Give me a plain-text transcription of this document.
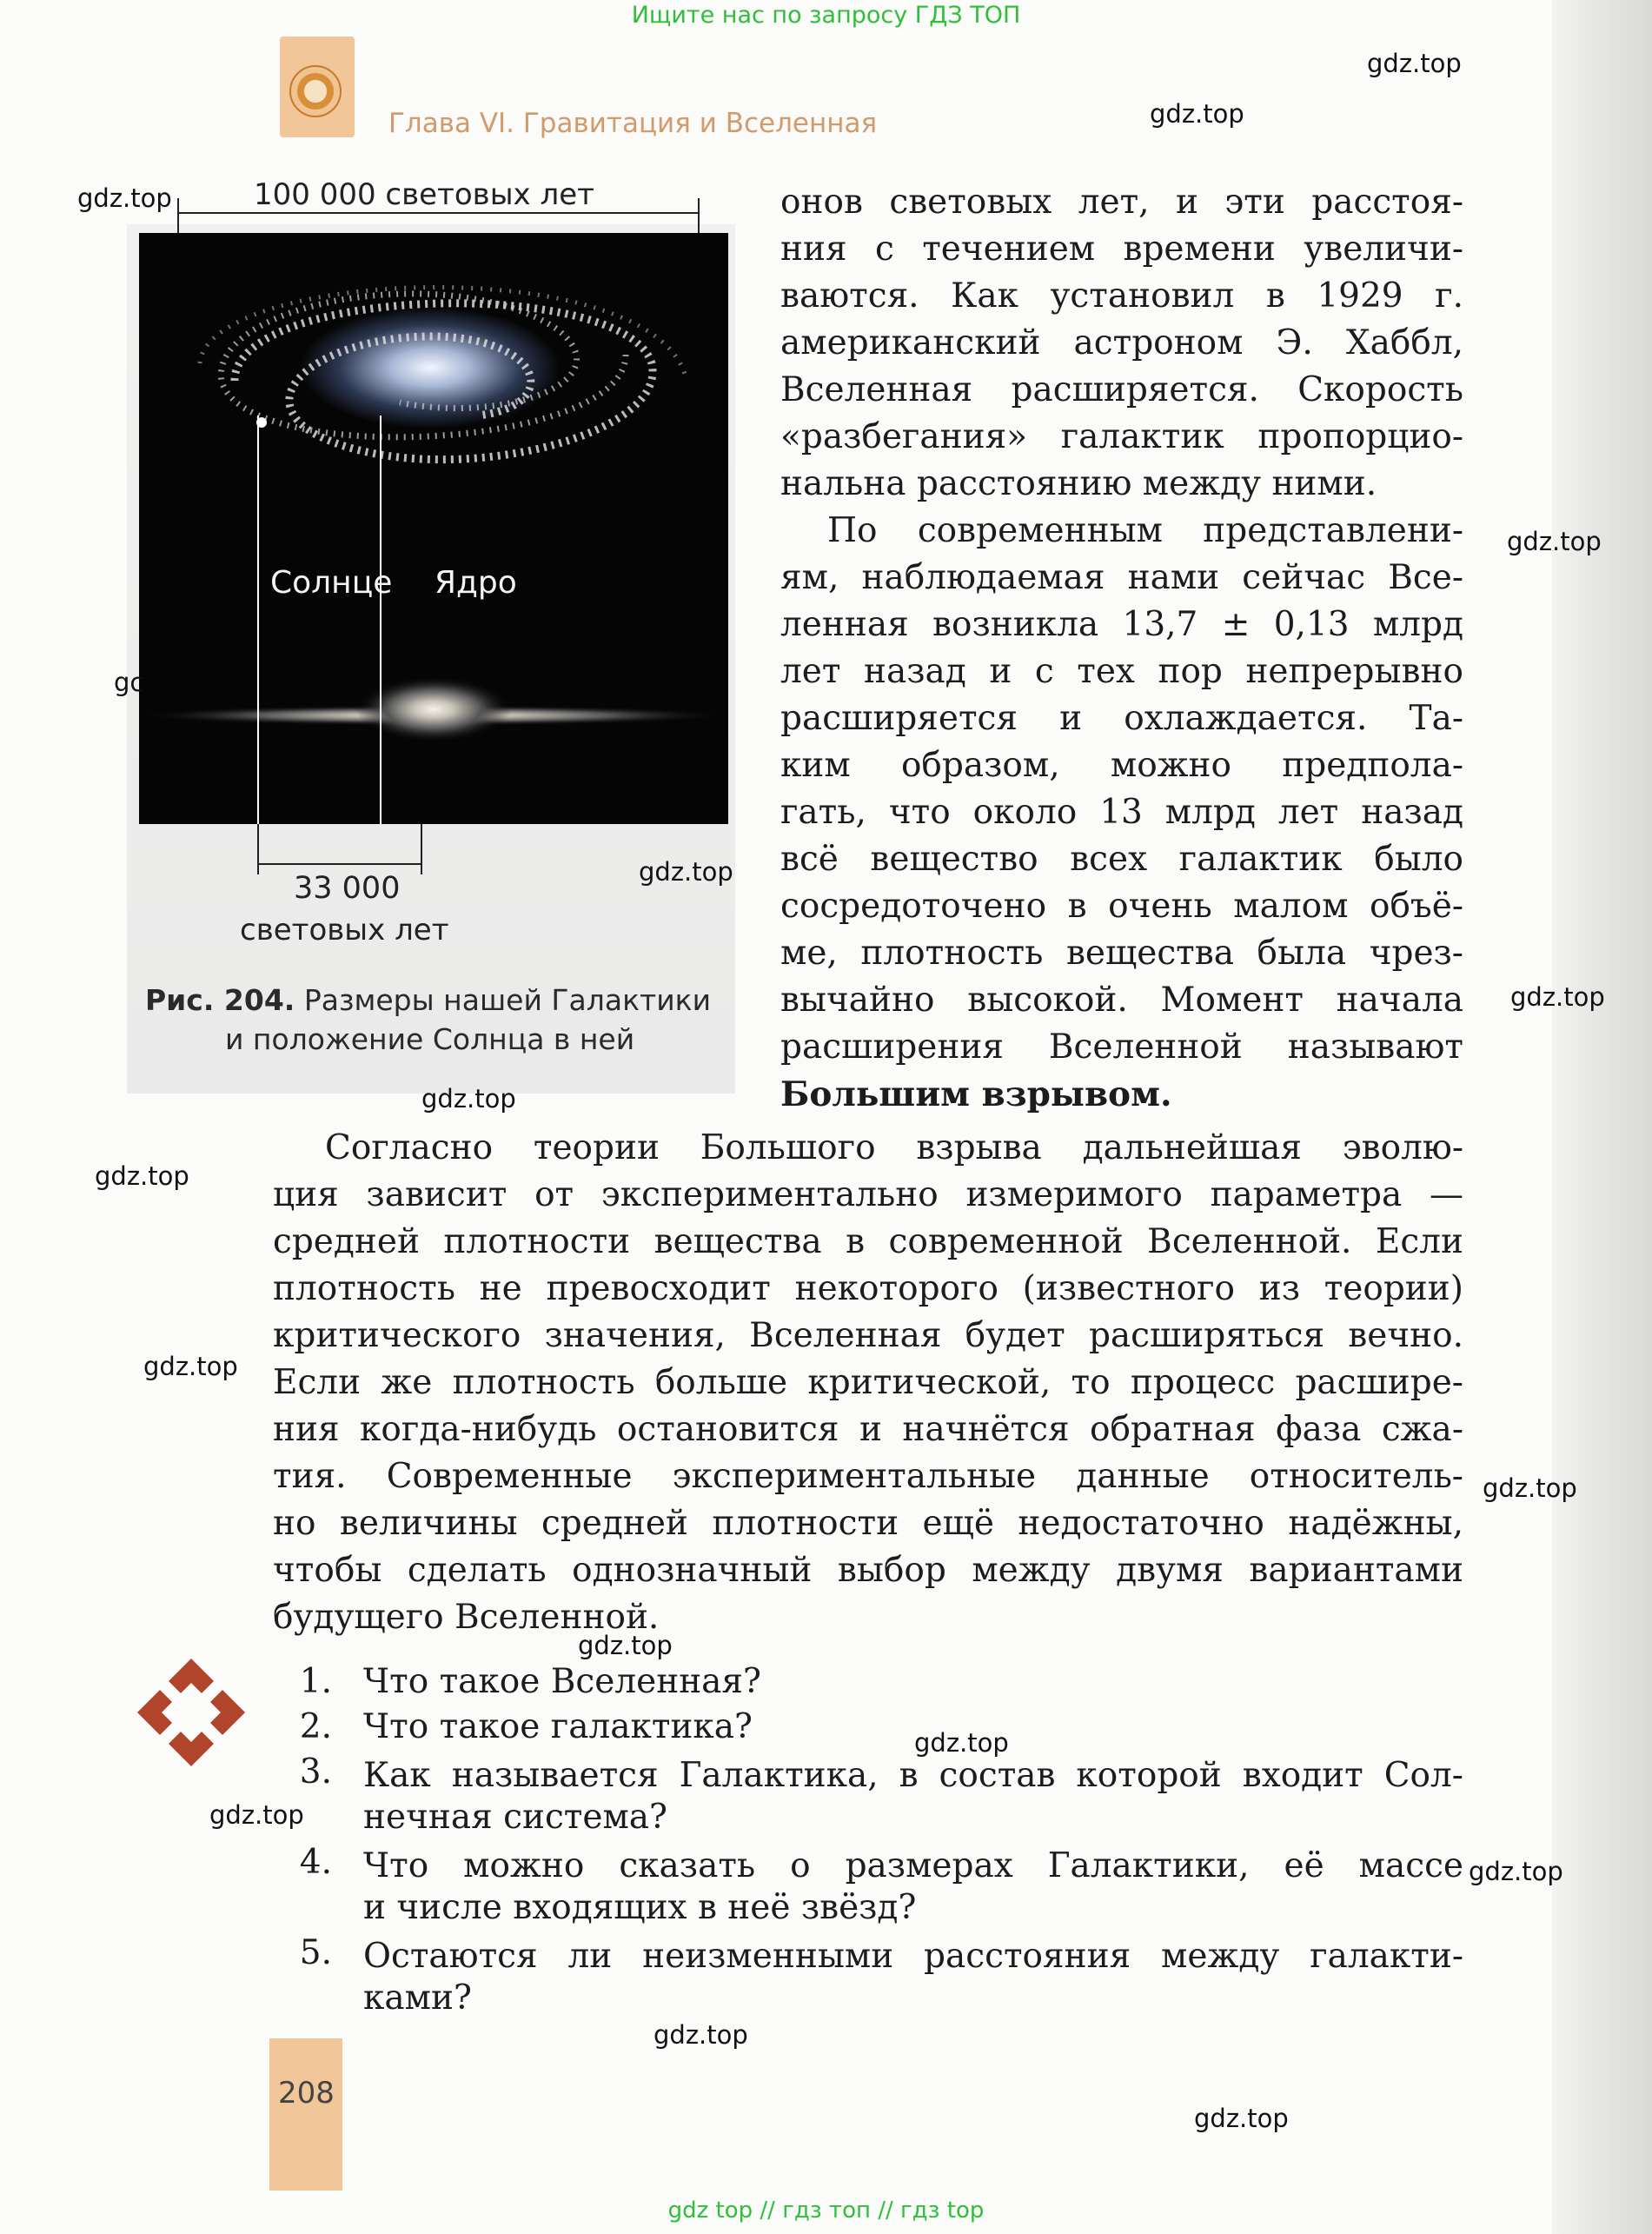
Ищите нас по запросу ГДЗ ТОП
Глава VI. Гравитация и Вселенная
100 000 световых лет
Солнце Ядро
33 000
световых лет
Рис. 204. Размеры нашей Галактики
и положение Солнца в ней
онов световых лет, и эти расстоя-
ния с течением времени увеличи-
ваются. Как установил в 1929 г.
американский астроном Э. Хаббл,
Вселенная расширяется. Скорость
«разбегания» галактик пропорцио-
нальна расстоянию между ними.
По современным представлени-
ям, наблюдаемая нами сейчас Все-
ленная возникла 13,7 ± 0,13 млрд
лет назад и с тех пор непрерывно
расширяется и охлаждается. Та-
ким образом, можно предпола-
гать, что около 13 млрд лет назад
всё вещество всех галактик было
сосредоточено в очень малом объё-
ме, плотность вещества была чрез-
вычайно высокой. Момент начала
расширения Вселенной называют
Большим взрывом.
Согласно теории Большого взрыва дальнейшая эволю-
ция зависит от экспериментально измеримого параметра —
средней плотности вещества в современной Вселенной. Если
плотность не превосходит некоторого (известного из теории)
критического значения, Вселенная будет расширяться вечно.
Если же плотность больше критической, то процесс расшире-
ния когда-нибудь остановится и начнётся обратная фаза сжа-
тия. Современные экспериментальные данные относитель-
но величины средней плотности ещё недостаточно надёжны,
чтобы сделать однозначный выбор между двумя вариантами
будущего Вселенной.
1. Что такое Вселенная?
2. Что такое галактика?
3. Как называется Галактика, в состав которой входит Сол-
нечная система?
4. Что можно сказать о размерах Галактики, её массе
и числе входящих в неё звёзд?
5. Остаются ли неизменными расстояния между галакти-
ками?
208
gdz.top
gdz.top
gdz.top
gdz.top
gdz.top
gdz.top
gdz.top
gdz.top
gdz.top
gdz.top
gdz.top
gdz.top
gdz.top
gdz.top
gdz.top
gdz.top
gc
gdz top // гдз топ // гдз top
